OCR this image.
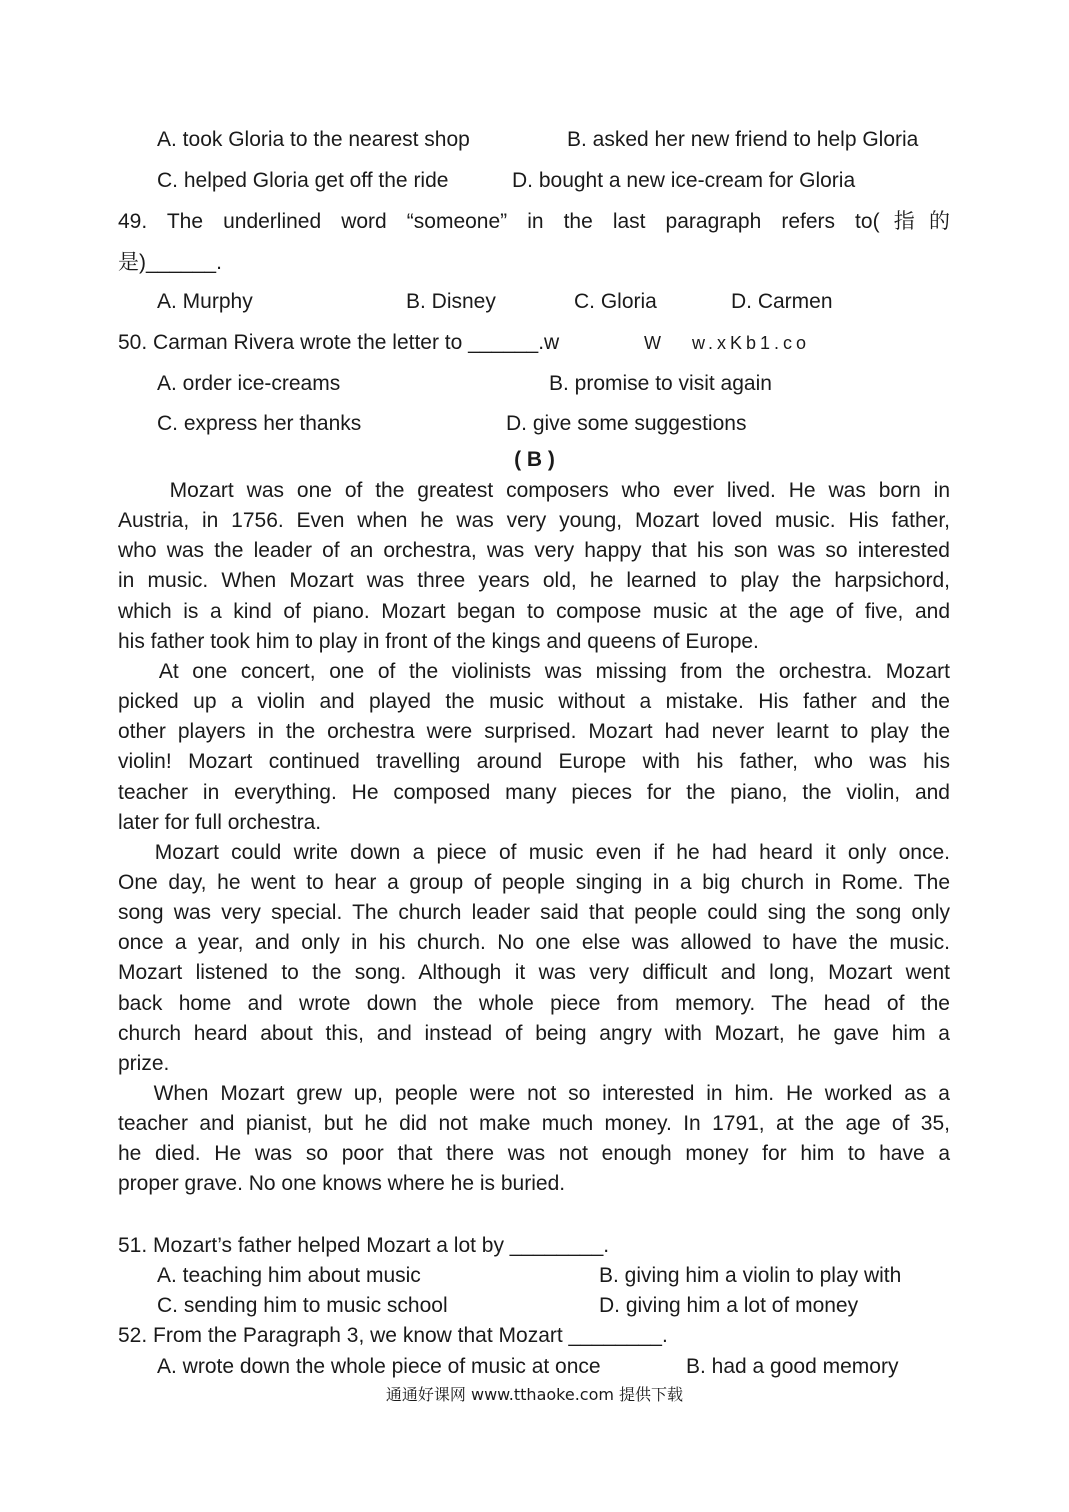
A. took Gloria to the nearest shop	B. asked her new friend to help Gloria
C. helped Gloria get off the ride	D. bought a new ice-cream for Gloria
49. The underlined word “someone” in the last paragraph refers to(指的
是)______.
A. Murphy	B. Disney	C. Gloria	D. Carmen
50. Carman Rivera wrote the letter to ______.w	W   w.xKb1.co
A. order ice-creams	B. promise to visit again
C. express her thanks	D. give some suggestions
( B )
Mozart was one of the greatest composers who ever lived. He was born in
Austria, in 1756. Even when he was very young, Mozart loved music. His father,
who was the leader of an orchestra, was very happy that his son was so interested
in music. When Mozart was three years old, he learned to play the harpsichord,
which is a kind of piano. Mozart began to compose music at the age of five, and
his father took him to play in front of the kings and queens of Europe.
At one concert, one of the violinists was missing from the orchestra. Mozart
picked up a violin and played the music without a mistake. His father and the
other players in the orchestra were surprised. Mozart had never learnt to play the
violin! Mozart continued travelling around Europe with his father, who was his
teacher in everything. He composed many pieces for the piano, the violin, and
later for full orchestra.
Mozart could write down a piece of music even if he had heard it only once.
One day, he went to hear a group of people singing in a big church in Rome. The
song was very special. The church leader said that people could sing the song only
once a year, and only in his church. No one else was allowed to have the music.
Mozart listened to the song. Although it was very difficult and long, Mozart went
back home and wrote down the whole piece from memory. The head of the
church heard about this, and instead of being angry with Mozart, he gave him a
prize.
When Mozart grew up, people were not so interested in him. He worked as a
teacher and pianist, but he did not make much money. In 1791, at the age of 35,
he died. He was so poor that there was not enough money for him to have a
proper grave. No one knows where he is buried.
51. Mozart’s father helped Mozart a lot by ________.
A. teaching him about music	B. giving him a violin to play with
C. sending him to music school	D. giving him a lot of money
52. From the Paragraph 3, we know that Mozart ________.
A. wrote down the whole piece of music at once	B. had a good memory
通通好课网 www.tthaoke.com 提供下载
